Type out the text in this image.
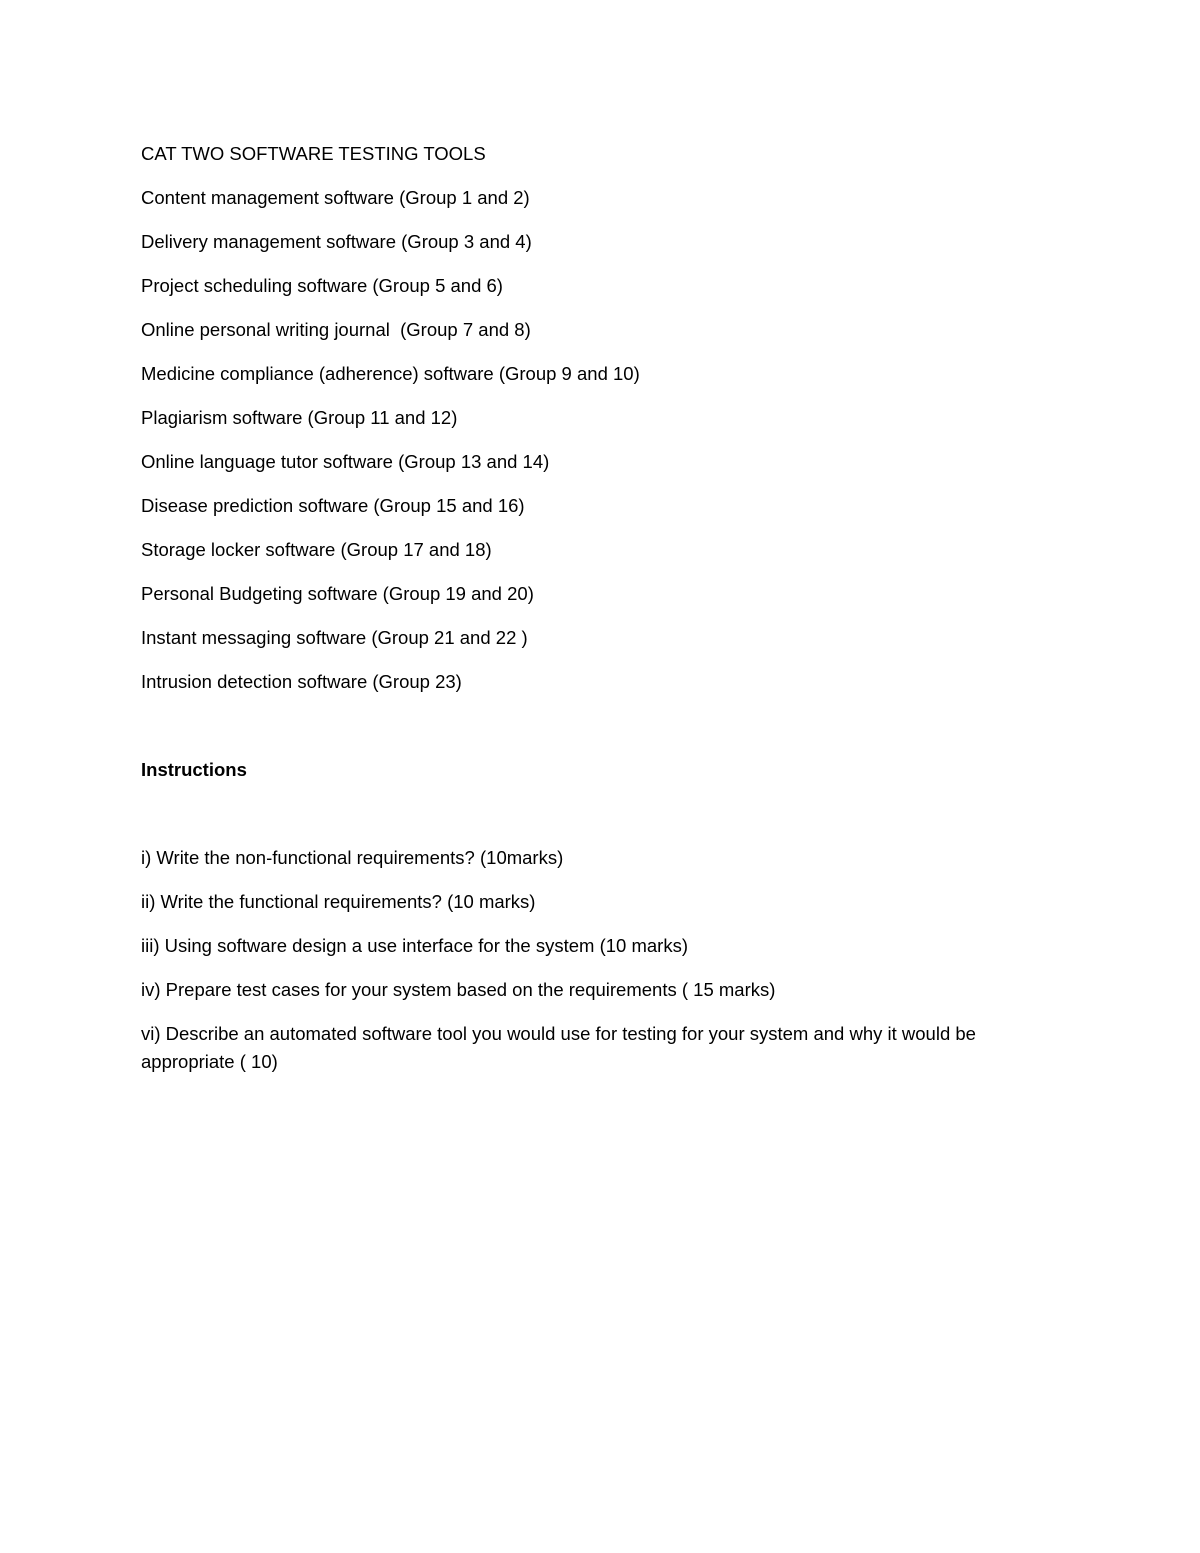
CAT TWO SOFTWARE TESTING TOOLS
Content management software (Group 1 and 2)
Delivery management software (Group 3 and 4)
Project scheduling software (Group 5 and 6)
Online personal writing journal  (Group 7 and 8)
Medicine compliance (adherence) software (Group 9 and 10)
Plagiarism software (Group 11 and 12)
Online language tutor software (Group 13 and 14)
Disease prediction software (Group 15 and 16)
Storage locker software (Group 17 and 18)
Personal Budgeting software (Group 19 and 20)
Instant messaging software (Group 21 and 22 )
Intrusion detection software (Group 23)
Instructions
i) Write the non-functional requirements? (10marks)
ii) Write the functional requirements? (10 marks)
iii) Using software design a use interface for the system (10 marks)
iv) Prepare test cases for your system based on the requirements ( 15 marks)
vi) Describe an automated software tool you would use for testing for your system and why it would be appropriate ( 10)
